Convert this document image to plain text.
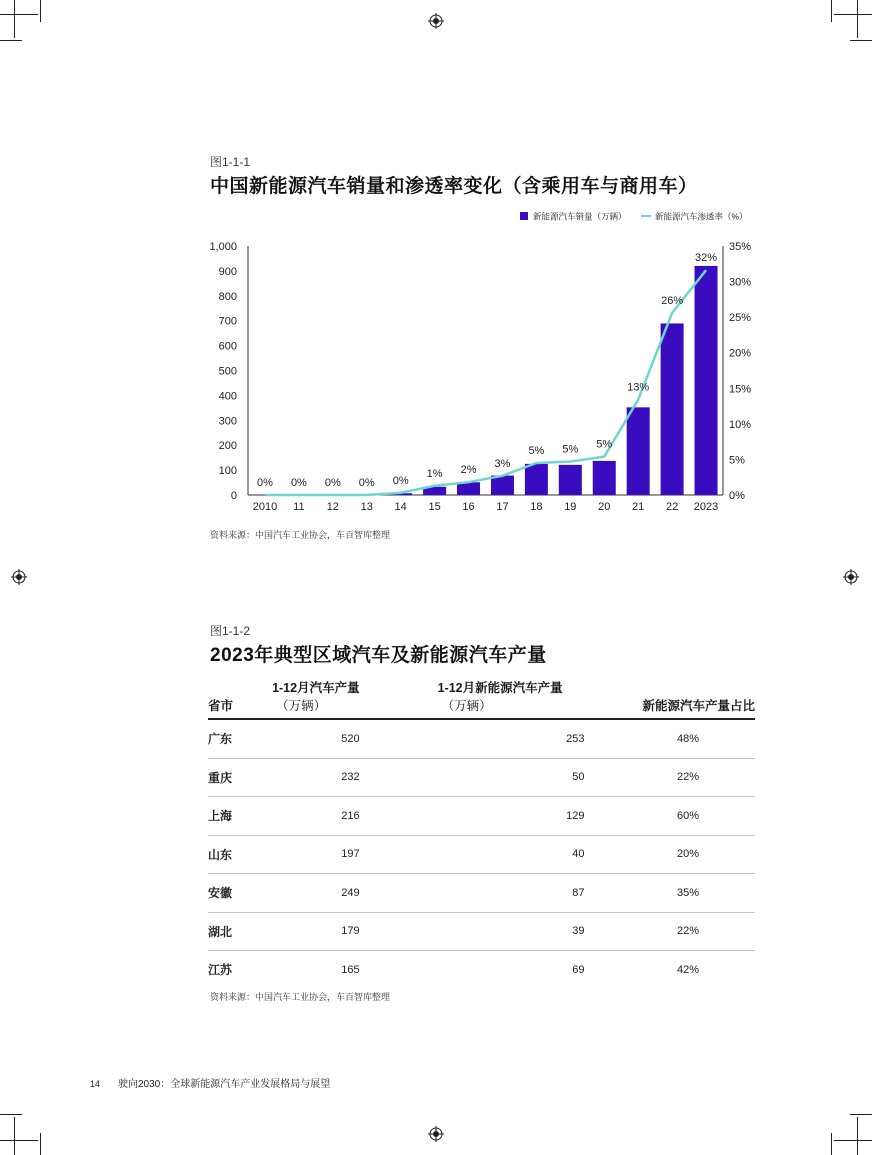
图1-1-1
中国新能源汽车销量和渗透率变化（含乘用车与商用车）
新能源汽车销量（万辆）	新能源汽车渗透率（%）
0
100
200
300
400
500
600
700
800
900
1,000
0%
5%
10%
15%
20%
25%
30%
35%
2010 11 12 13 14 15 16 17 18 19 20 21 22 2023
0% 0% 0% 0% 0%
1% 2%
3%
5% 5% 5%
13%
26%
32%
资料来源：中国汽车工业协会，车百智库整理
图1-1-2
2023年典型区域汽车及新能源汽车产量
省市	1-12月汽车产量
（万辆）	1-12月新能源汽车产量
（万辆）	新能源汽车产量占比
广东	520	253	48%
重庆	232	50	22%
上海	216	129	60%
山东	197	40	20%
安徽	249	87	35%
湖北	179	39	22%
江苏	165	69	42%
资料来源：中国汽车工业协会，车百智库整理
14 驶向2030：全球新能源汽车产业发展格局与展望
